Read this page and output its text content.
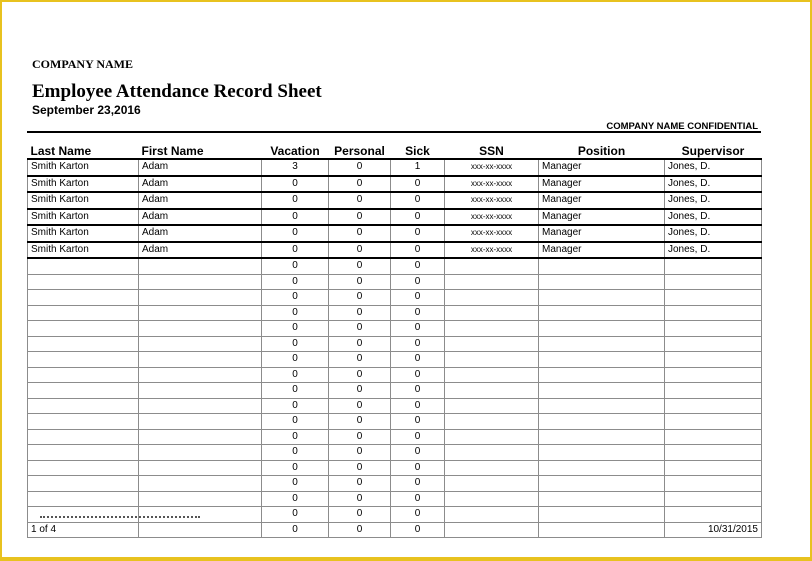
COMPANY NAME
Employee Attendance Record Sheet
September 23,2016
COMPANY NAME CONFIDENTIAL
Last Name	First Name	Vacation	Personal	Sick	SSN	Position	Supervisor
Smith Karton	Adam	3	0	1	xxx-xx-xxxx	Manager	Jones, D.
Smith Karton	Adam	0	0	0	xxx-xx-xxxx	Manager	Jones, D.
Smith Karton	Adam	0	0	0	xxx-xx-xxxx	Manager	Jones, D.
Smith Karton	Adam	0	0	0	xxx-xx-xxxx	Manager	Jones, D.
Smith Karton	Adam	0	0	0	xxx-xx-xxxx	Manager	Jones, D.
Smith Karton	Adam	0	0	0	xxx-xx-xxxx	Manager	Jones, D.
		0	0	0			
		0	0	0			
		0	0	0			
		0	0	0			
		0	0	0			
		0	0	0			
		0	0	0			
		0	0	0			
		0	0	0			
		0	0	0			
		0	0	0			
		0	0	0			
		0	0	0			
		0	0	0			
		0	0	0			
		0	0	0			
		0	0	0			
1 of 4		0	0	0			10/31/2015
